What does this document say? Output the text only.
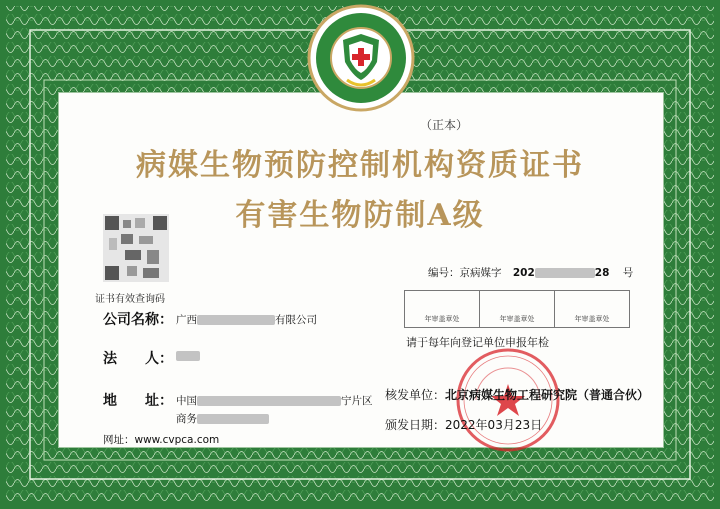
（正本）
病媒生物预防控制机构资质证书
有害生物防制A级
证书有效查询码
编号：京病媒字 202	28 号
公司名称： 广西	有限公司
法　　人：
地　　址： 中国	宁片区
商务
年审盖章处	年审盖章处	年审盖章处
请于每年向登记单位申报年检
核发单位：北京病媒生物工程研究院（普通合伙）
颁发日期：2022年03月23日
网址：www.cvpca.com
